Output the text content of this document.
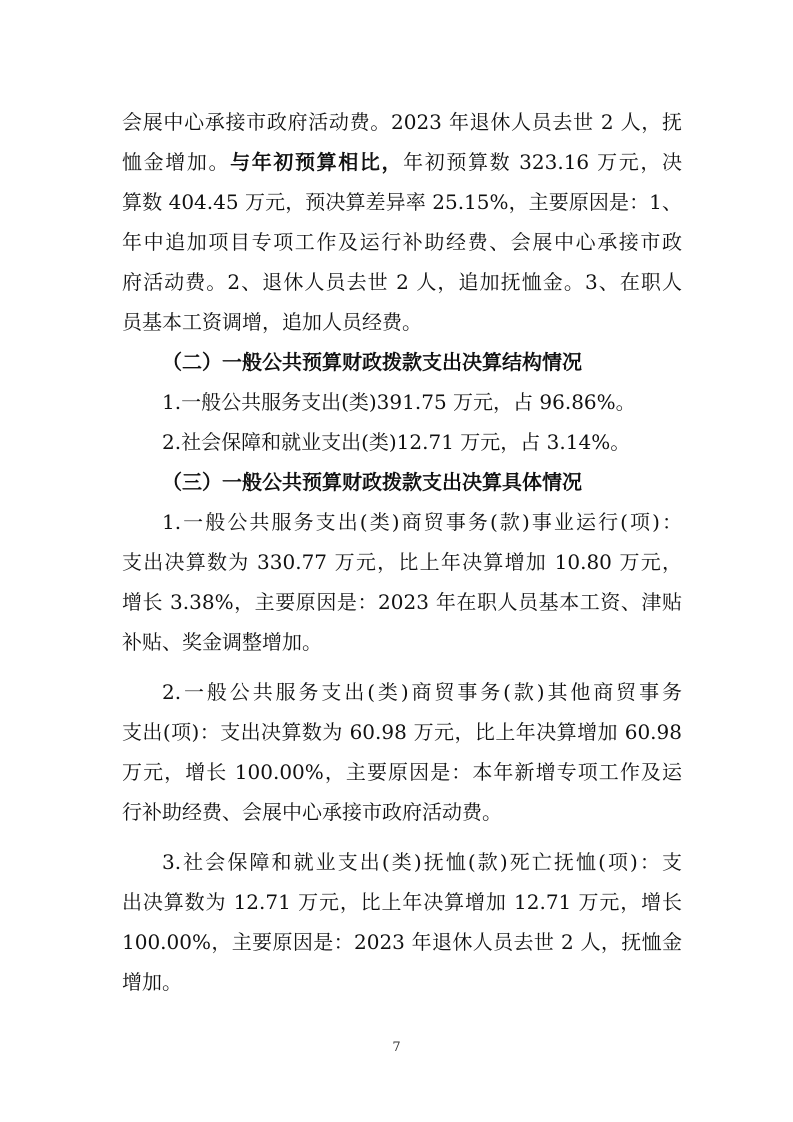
会展中心承接市政府活动费。2023 年退休人员去世 2 人，抚
恤金增加。与年初预算相比，年初预算数 323.16 万元，决
算数 404.45 万元，预决算差异率 25.15%，主要原因是：1、
年中追加项目专项工作及运行补助经费、会展中心承接市政
府活动费。2、退休人员去世 2 人，追加抚恤金。3、在职人
员基本工资调增，追加人员经费。
（二）一般公共预算财政拨款支出决算结构情况
1.一般公共服务支出(类)391.75 万元，占 96.86%。
2.社会保障和就业支出(类)12.71 万元，占 3.14%。
（三）一般公共预算财政拨款支出决算具体情况
1.一般公共服务支出(类)商贸事务(款)事业运行(项)：
支出决算数为 330.77 万元，比上年决算增加 10.80 万元，
增长 3.38%，主要原因是：2023 年在职人员基本工资、津贴
补贴、奖金调整增加。
2.一般公共服务支出(类)商贸事务(款)其他商贸事务
支出(项)：支出决算数为 60.98 万元，比上年决算增加 60.98
万元，增长 100.00%，主要原因是：本年新增专项工作及运
行补助经费、会展中心承接市政府活动费。
3.社会保障和就业支出(类)抚恤(款)死亡抚恤(项)：支
出决算数为 12.71 万元，比上年决算增加 12.71 万元，增长
100.00%，主要原因是：2023 年退休人员去世 2 人，抚恤金
增加。
7
